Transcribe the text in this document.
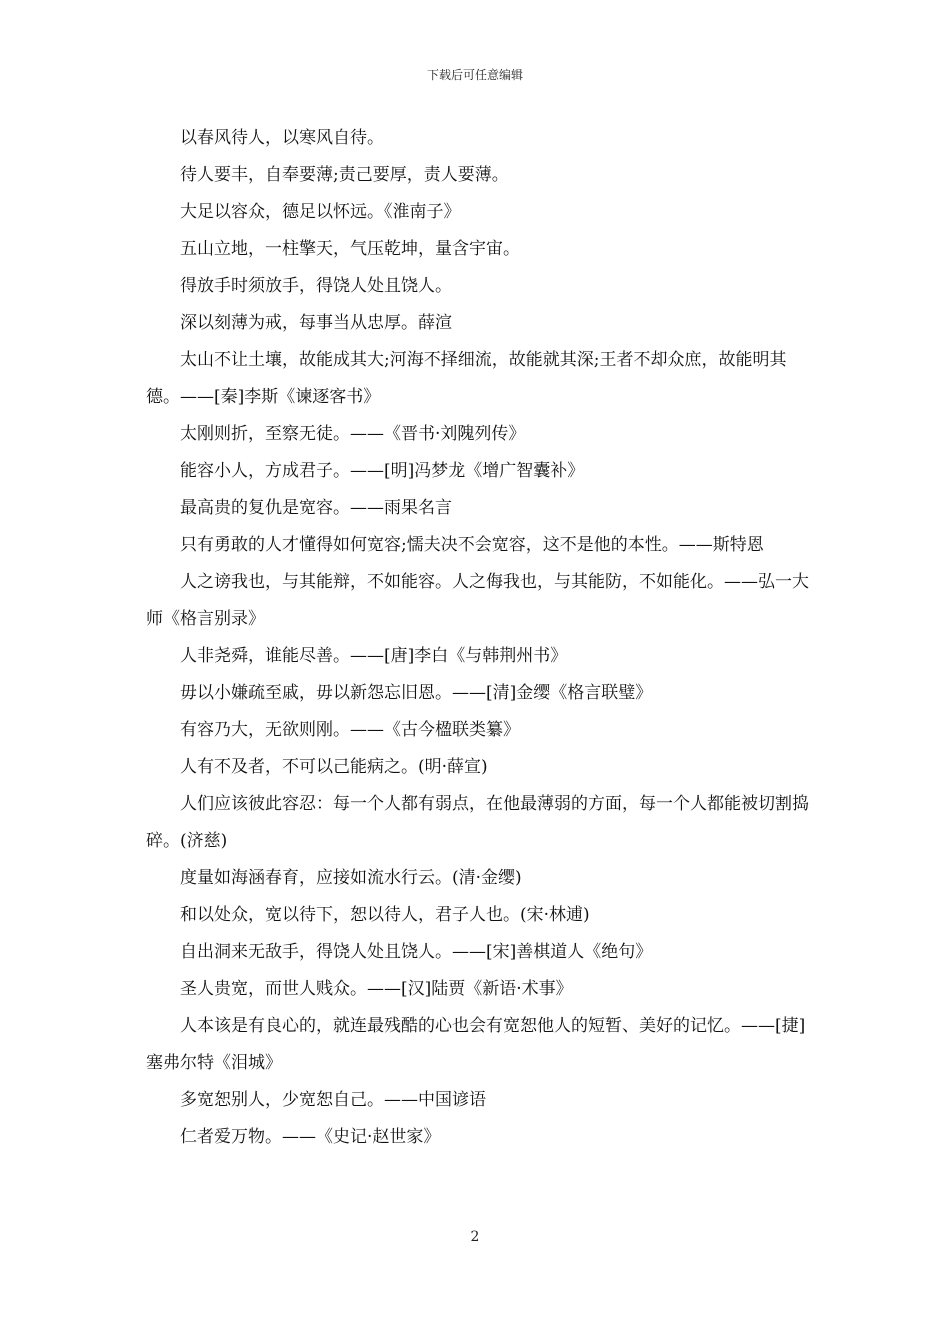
下载后可任意编辑

以春风待人，以寒风自待。

待人要丰，自奉要薄;责己要厚，责人要薄。

大足以容众，德足以怀远。《淮南子》

五山立地，一柱擎天，气压乾坤，量含宇宙。

得放手时须放手，得饶人处且饶人。

深以刻薄为戒，每事当从忠厚。薛渲

太山不让土壤，故能成其大;河海不择细流，故能就其深;王者不却众庶，故能明其德。——[秦]李斯《谏逐客书》

太刚则折，至察无徒。——《晋书·刘隗列传》

能容小人，方成君子。——[明]冯梦龙《增广智囊补》

最高贵的复仇是宽容。——雨果名言

只有勇敢的人才懂得如何宽容;懦夫决不会宽容，这不是他的本性。——斯特恩

人之谤我也，与其能辩，不如能容。人之侮我也，与其能防，不如能化。——弘一大师《格言别录》

人非尧舜，谁能尽善。——[唐]李白《与韩荆州书》

毋以小嫌疏至戚，毋以新怨忘旧恩。——[清]金缨《格言联璧》

有容乃大，无欲则刚。——《古今楹联类纂》

人有不及者，不可以己能病之。(明·薛宣)

人们应该彼此容忍：每一个人都有弱点，在他最薄弱的方面，每一个人都能被切割捣碎。(济慈)

度量如海涵春育，应接如流水行云。(清·金缨)

和以处众，宽以待下，恕以待人，君子人也。(宋·林逋)

自出洞来无敌手，得饶人处且饶人。——[宋]善棋道人《绝句》

圣人贵宽，而世人贱众。——[汉]陆贾《新语·术事》

人本该是有良心的，就连最残酷的心也会有宽恕他人的短暂、美好的记忆。——[捷]塞弗尔特《泪城》

多宽恕别人，少宽恕自己。——中国谚语

仁者爱万物。——《史记·赵世家》

2
